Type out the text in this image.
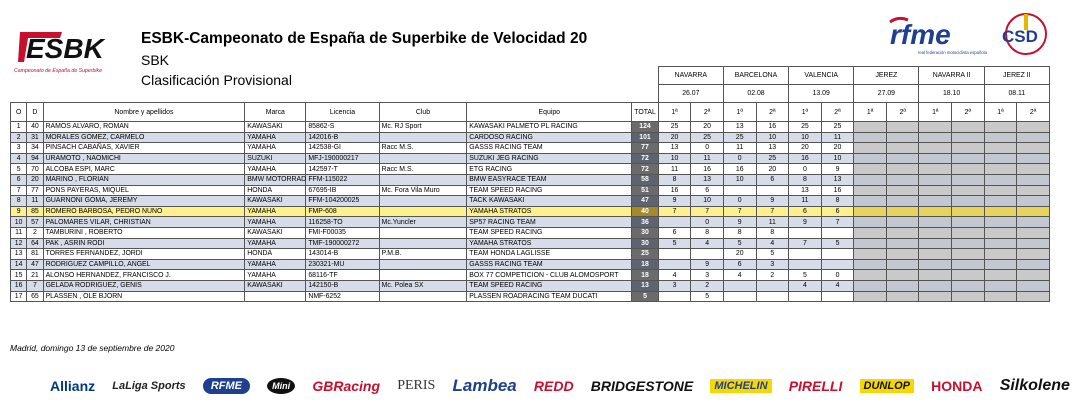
ESBK
Campeonato de España de Superbike
ESBK-Campeonato de España de Superbike de Velocidad 20
SBK
Clasificación Provisional
rfme
real federación motociclista española
CSD
								NAVARRA		BARCELONA		VALENCIA		JEREZ		NAVARRA II		JEREZ II	
								26.07		02.08		13.09		27.09		18.10		08.11	
O	D	Nombre y apellidos	Marca	Licencia	Club	Equipo	TOTAL	1ª	2ª	1ª	2ª	1ª	2ª	1ª	2ª	1ª	2ª	1ª	2ª
1	40	RAMOS ALVARO, ROMAN	KAWASAKI	85862-S	Mc. RJ Sport	KAWASAKI PALMETO PL RACING	124	25	20	13	16	25	25						
2	31	MORALES GOMEZ, CARMELO	YAMAHA	142016-B		CARDOSO RACING	101	20	25	25	10	10	11						
3	34	PINSACH CABAÑAS, XAVIER	YAMAHA	142538-GI	Racc M.S.	GASSS RACING TEAM	77	13	0	11	13	20	20						
4	94	URAMOTO , NAOMICHI	SUZUKI	MFJ-190000217		SUZUKI JEG RACING	72	10	11	0	25	16	10						
5	70	ALCOBA ESPI, MARC	YAMAHA	142597-T	Racc M.S.	ETG RACING	72	11	16	16	20	0	9						
6	20	MARINO , FLORIAN	BMW MOTORRAD	FFM-115022		BMW EASYRACE TEAM	58	8	13	10	6	8	13						
7	77	PONS PAYERAS, MIQUEL	HONDA	67695-IB	Mc. Fora Vila Muro	TEAM SPEED RACING	51	16	6			13	16						
8	11	GUARNONI GOMA, JEREMY	KAWASAKI	FFM-104200025		TACK KAWASAKI	47	9	10	0	9	11	8						
9	85	ROMERO BARBOSA, PEDRO NUNO	YAMAHA	FMP-608		YAMAHA STRATOS	40	7	7	7	7	6	6						
10	57	PALOMARES VILAR, CHRISTIAN	YAMAHA	116258-TO	Mc.Yuncler	SP57 RACING TEAM	36		0	9	11	9	7						
11	2	TAMBURINI , ROBERTO	KAWASAKI	FMI-F00035		TEAM SPEED RACING	30	6	8	8	8								
12	64	PAK , ASRIN RODI	YAMAHA	TMF-190000272		YAMAHA STRATOS	30	5	4	5	4	7	5						
13	81	TORRES FERNANDEZ, JORDI	HONDA	143014-B	P.M.B.	TEAM HONDA LAGLISSE	25			20	5								
14	47	RODRIGUEZ CAMPILLO, ANGEL	YAMAHA	230321-MU		GASSS RACING TEAM	18		9	6	3								
15	21	ALONSO HERNANDEZ, FRANCISCO J.	YAMAHA	68116-TF		BOX 77 COMPETICION - CLUB ALOMOSPORT	18	4	3	4	2	5	0						
16	7	GELADA RODRIGUEZ, GENIS	KAWASAKI	142150-B	Mc. Polea SX	TEAM SPEED RACING	13	3	2			4	4						
17	65	PLASSEN , OLE BJORN		NMF-6252		PLASSEN ROADRACING TEAM DUCATI	5		5										
Madrid, domingo 13 de septiembre de 2020
Allianz LaLiga Sports	RFME	Mini	GBRacing PERIS Lambea REDD BRIDGESTONE	MICHELIN PIRELLI	DUNLOP HONDA Silkolene
